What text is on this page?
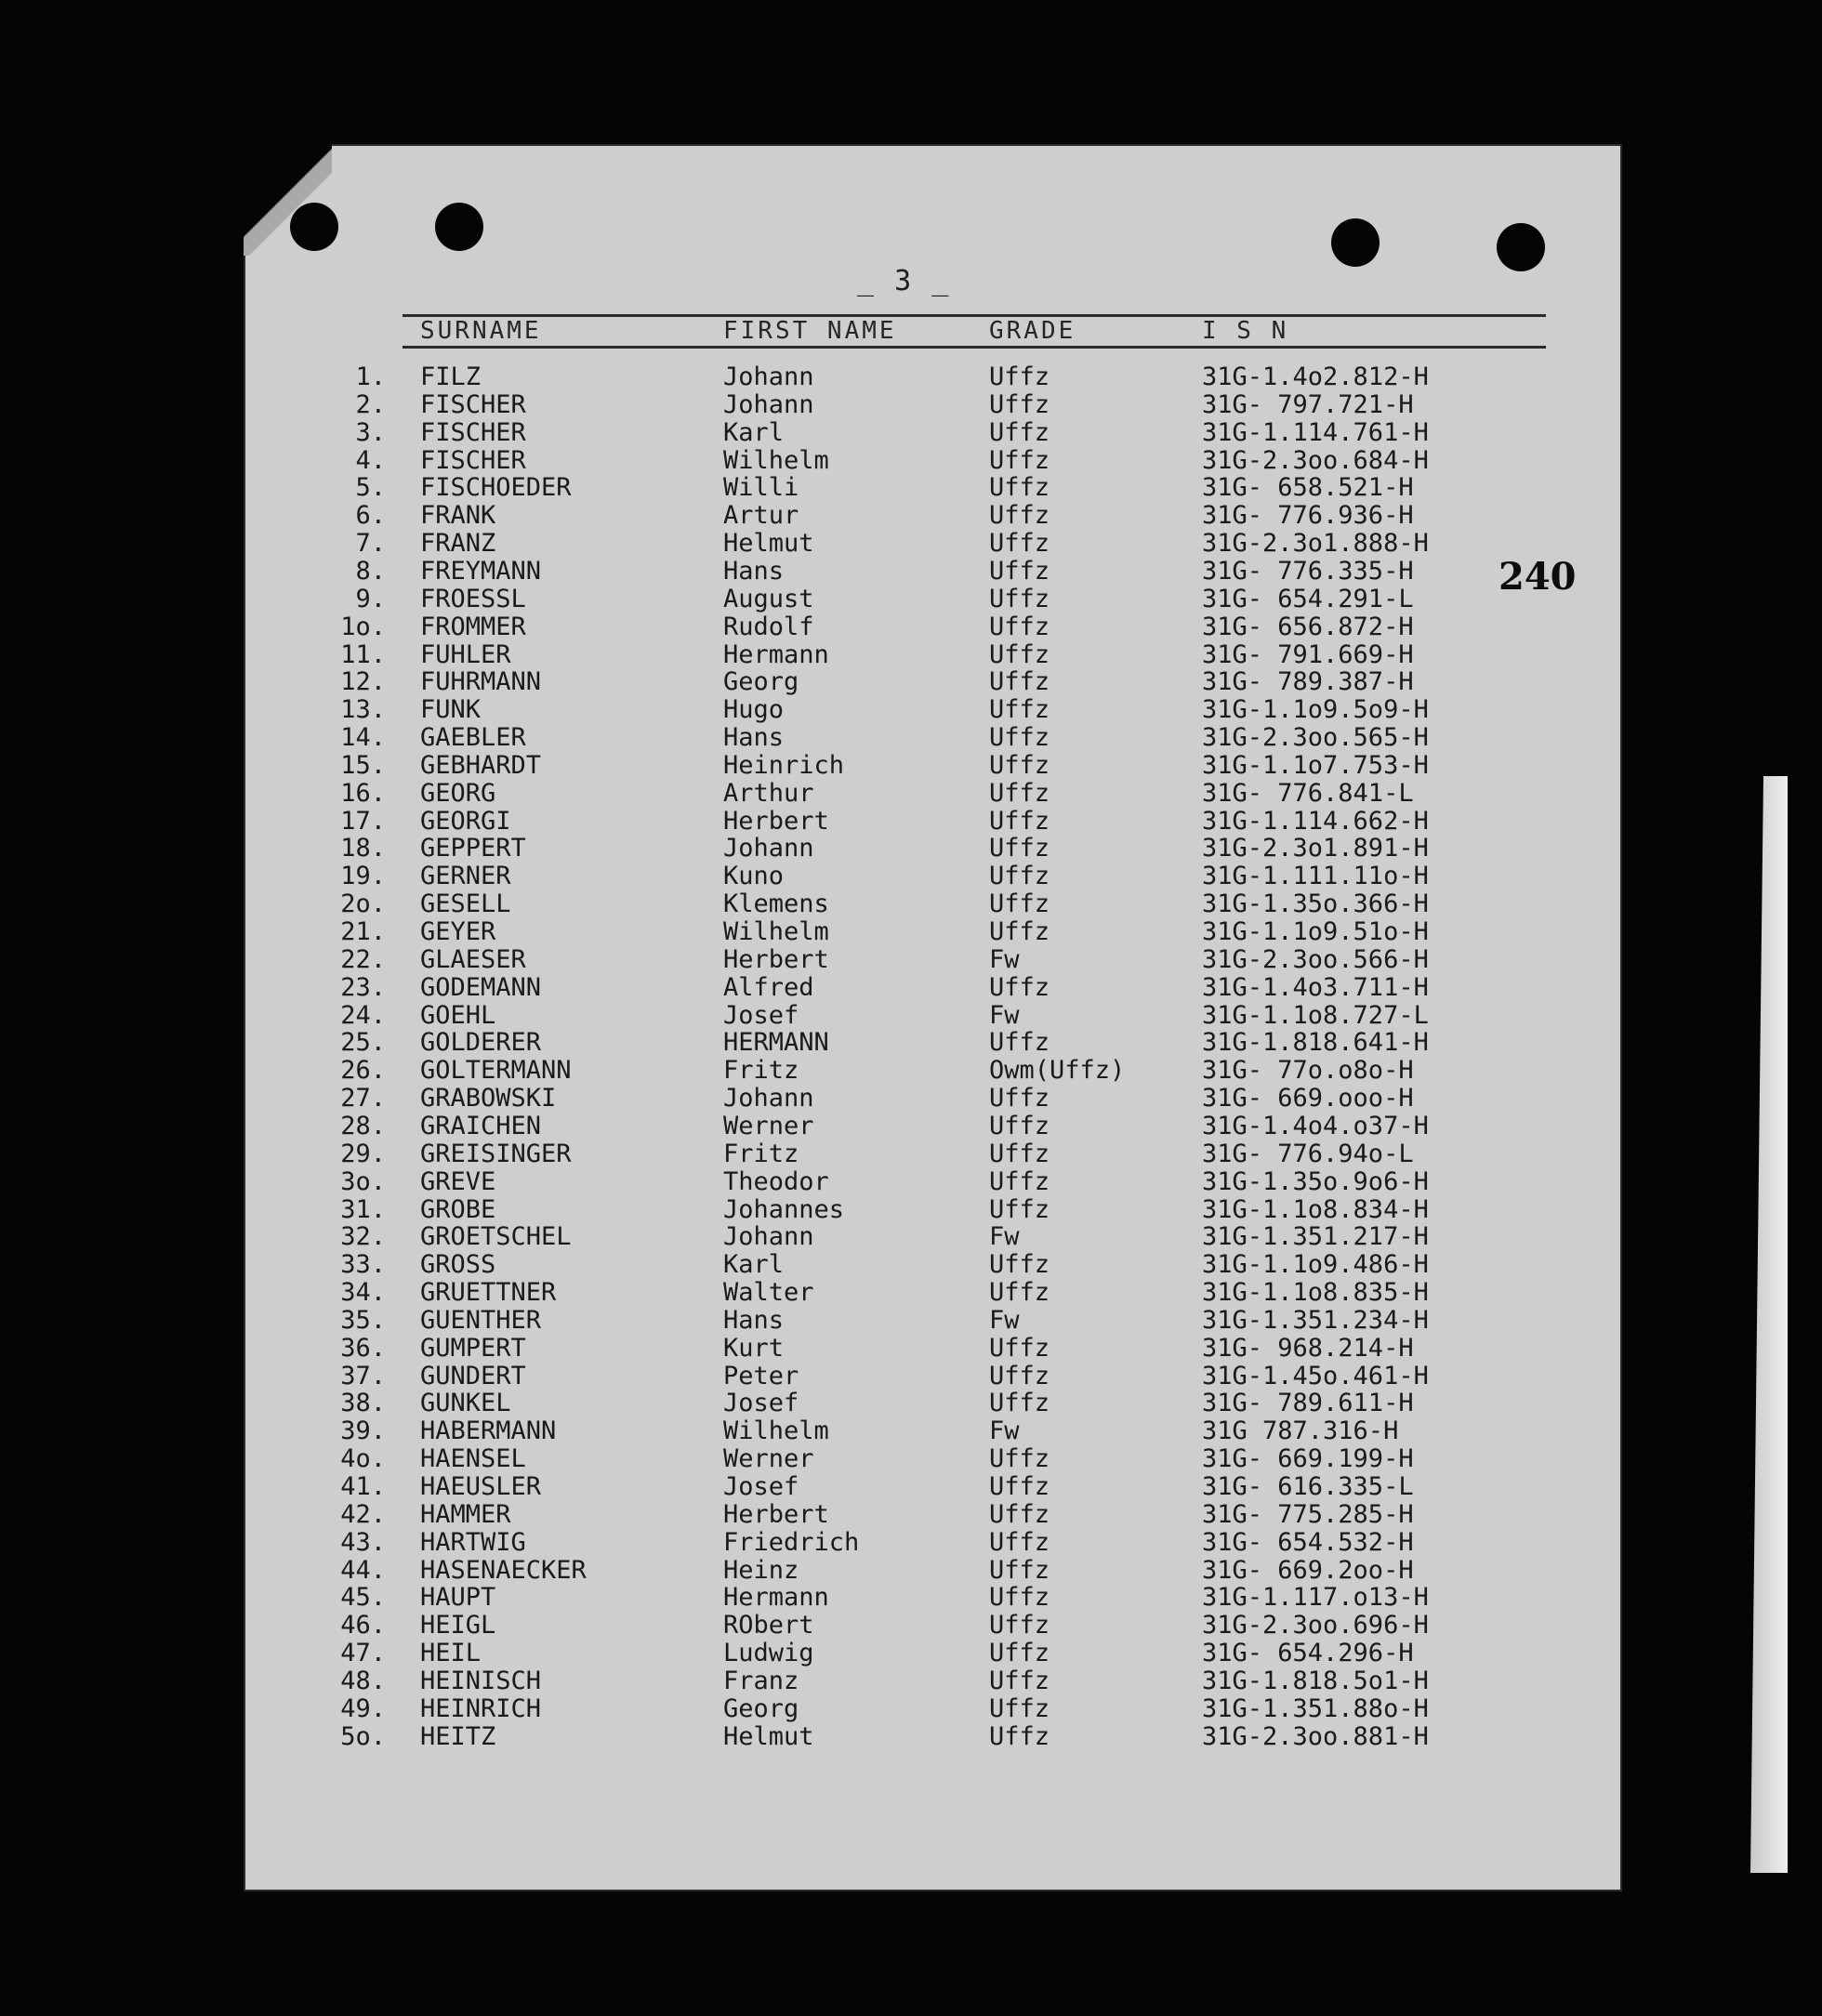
_ 3 _
240
SURNAME	FIRST NAME	GRADE	I S N
1. FILZ	Johann	Uffz	31G-1.4o2.812-H
2. FISCHER	Johann	Uffz	31G- 797.721-H
3. FISCHER	Karl	Uffz	31G-1.114.761-H
4. FISCHER	Wilhelm	Uffz	31G-2.3oo.684-H
5. FISCHOEDER	Willi	Uffz	31G- 658.521-H
6. FRANK	Artur	Uffz	31G- 776.936-H
7. FRANZ	Helmut	Uffz	31G-2.3o1.888-H
8. FREYMANN	Hans	Uffz	31G- 776.335-H
9. FROESSL	August	Uffz	31G- 654.291-L
1o. FROMMER	Rudolf	Uffz	31G- 656.872-H
11. FUHLER	Hermann	Uffz	31G- 791.669-H
12. FUHRMANN	Georg	Uffz	31G- 789.387-H
13. FUNK	Hugo	Uffz	31G-1.1o9.5o9-H
14. GAEBLER	Hans	Uffz	31G-2.3oo.565-H
15. GEBHARDT	Heinrich	Uffz	31G-1.1o7.753-H
16. GEORG	Arthur	Uffz	31G- 776.841-L
17. GEORGI	Herbert	Uffz	31G-1.114.662-H
18. GEPPERT	Johann	Uffz	31G-2.3o1.891-H
19. GERNER	Kuno	Uffz	31G-1.111.11o-H
2o. GESELL	Klemens	Uffz	31G-1.35o.366-H
21. GEYER	Wilhelm	Uffz	31G-1.1o9.51o-H
22. GLAESER	Herbert	Fw	31G-2.3oo.566-H
23. GODEMANN	Alfred	Uffz	31G-1.4o3.711-H
24. GOEHL	Josef	Fw	31G-1.1o8.727-L
25. GOLDERER	HERMANN	Uffz	31G-1.818.641-H
26. GOLTERMANN	Fritz	Owm(Uffz)	31G- 77o.o8o-H
27. GRABOWSKI	Johann	Uffz	31G- 669.ooo-H
28. GRAICHEN	Werner	Uffz	31G-1.4o4.o37-H
29. GREISINGER	Fritz	Uffz	31G- 776.94o-L
3o. GREVE	Theodor	Uffz	31G-1.35o.9o6-H
31. GROBE	Johannes	Uffz	31G-1.1o8.834-H
32. GROETSCHEL	Johann	Fw	31G-1.351.217-H
33. GROSS	Karl	Uffz	31G-1.1o9.486-H
34. GRUETTNER	Walter	Uffz	31G-1.1o8.835-H
35. GUENTHER	Hans	Fw	31G-1.351.234-H
36. GUMPERT	Kurt	Uffz	31G- 968.214-H
37. GUNDERT	Peter	Uffz	31G-1.45o.461-H
38. GUNKEL	Josef	Uffz	31G- 789.611-H
39. HABERMANN	Wilhelm	Fw	31G 787.316-H
4o. HAENSEL	Werner	Uffz	31G- 669.199-H
41. HAEUSLER	Josef	Uffz	31G- 616.335-L
42. HAMMER	Herbert	Uffz	31G- 775.285-H
43. HARTWIG	Friedrich	Uffz	31G- 654.532-H
44. HASENAECKER	Heinz	Uffz	31G- 669.2oo-H
45. HAUPT	Hermann	Uffz	31G-1.117.o13-H
46. HEIGL	RObert	Uffz	31G-2.3oo.696-H
47. HEIL	Ludwig	Uffz	31G- 654.296-H
48. HEINISCH	Franz	Uffz	31G-1.818.5o1-H
49. HEINRICH	Georg	Uffz	31G-1.351.88o-H
5o. HEITZ	Helmut	Uffz	31G-2.3oo.881-H
